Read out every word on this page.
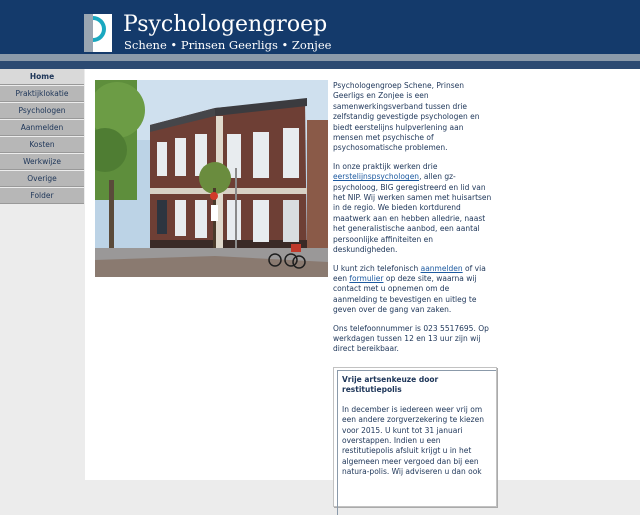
Psychologengroep
Schene • Prinsen Geerligs • Zonjee
Home
Praktijklokatie
Psychologen
Aanmelden
Kosten
Werkwijze
Overige
Folder

Psychologengroep Schene, Prinsen Geerligs en Zonjee is een samenwerkingsverband tussen drie zelfstandig gevestigde psychologen en biedt eerstelijns hulpverlening aan mensen met psychische of psychosomatische problemen.

In onze praktijk werken drie eerstelijnspsychologen, allen gz-psycholoog, BIG geregistreerd en lid van het NIP. Wij werken samen met huisartsen in de regio. We bieden kortdurend maatwerk aan en hebben alledrie, naast het generalistische aanbod, een aantal persoonlijke affiniteiten en deskundigheden.

U kunt zich telefonisch aanmelden of via een formulier op deze site, waarna wij contact met u opnemen om de aanmelding te bevestigen en uitleg te geven over de gang van zaken.

Ons telefoonnummer is 023 5517695. Op werkdagen tussen 12 en 13 uur zijn wij direct bereikbaar.

Vrije artsenkeuze door restitutiepolis

In december is iedereen weer vrij om een andere zorgverzekering te kiezen voor 2015. U kunt tot 31 januari overstappen. Indien u een restitutiepolis afsluit krijgt u in het algemeen meer vergoed dan bij een natura-polis. Wij adviseren u dan ook
